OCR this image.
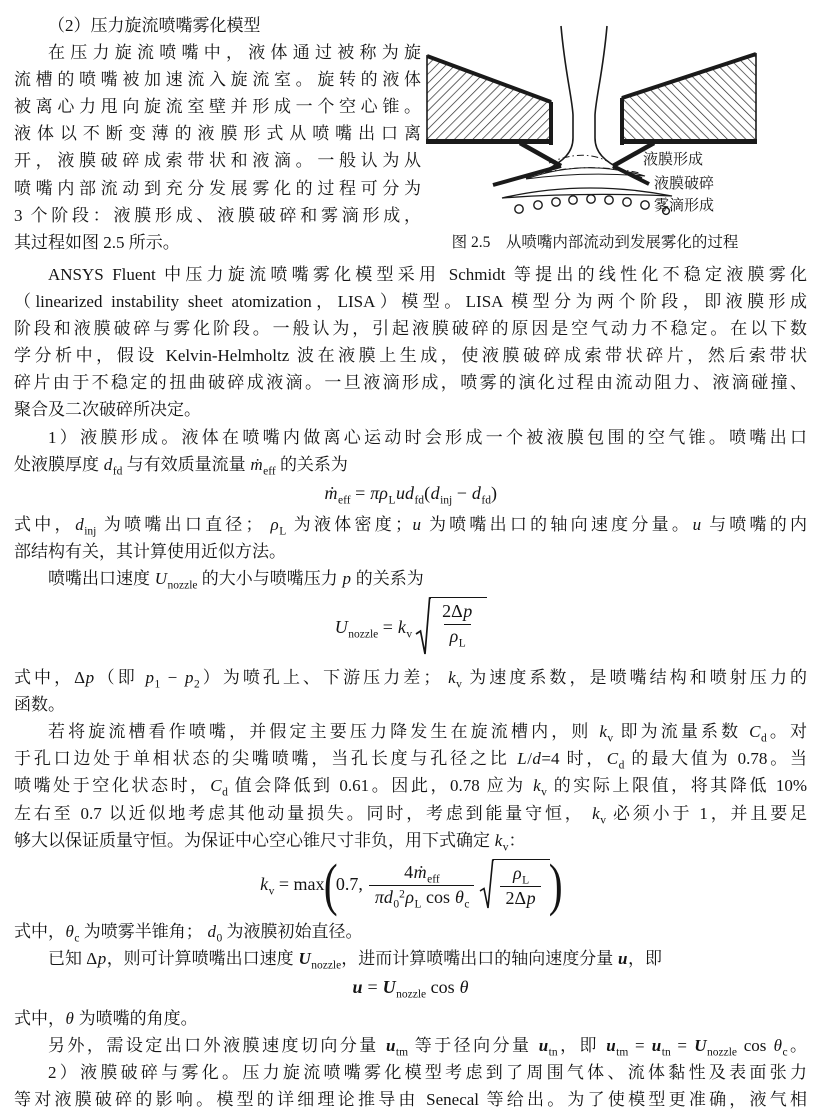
（2）压力旋流喷嘴雾化模型
在压力旋流喷嘴中，液体通过被称为旋
流槽的喷嘴被加速流入旋流室。旋转的液体
被离心力甩向旋流室壁并形成一个空心锥。
液体以不断变薄的液膜形式从喷嘴出口离
开，液膜破碎成索带状和液滴。一般认为从
喷嘴内部流动到充分发展雾化的过程可分为
3 个阶段：液膜形成、液膜破碎和雾滴形成，
其过程如图 2.5 所示。
液膜形成
液膜破碎
雾滴形成
图 2.5　从喷嘴内部流动到发展雾化的过程
ANSYS Fluent 中压力旋流喷嘴雾化模型采用 Schmidt 等提出的线性化不稳定液膜雾化
（linearized instability sheet atomization，LISA）模型。LISA 模型分为两个阶段，即液膜形成
阶段和液膜破碎与雾化阶段。一般认为，引起液膜破碎的原因是空气动力不稳定。在以下数
学分析中，假设 Kelvin-Helmholtz 波在液膜上生成，使液膜破碎成索带状碎片，然后索带状
碎片由于不稳定的扭曲破碎成液滴。一旦液滴形成，喷雾的演化过程由流动阻力、液滴碰撞、
聚合及二次破碎所决定。
1）液膜形成。液体在喷嘴内做离心运动时会形成一个被液膜包围的空气锥。喷嘴出口
处液膜厚度 $d_{fd}$ 与有效质量流量 ṁ$_{eff}$ 的关系为
ṁ$_{eff}$ = $\pi\rho_Lud_{fd}(d_{inj} - d_{fd})$
式中，$d_{inj}$ 为喷嘴出口直径； $\rho_L$ 为液体密度；u 为喷嘴出口的轴向速度分量。u 与喷嘴的内
部结构有关，其计算使用近似方法。
喷嘴出口速度 $U_{nozzle}$ 的大小与喷嘴压力 p 的关系为
$U_{nozzle} = k_v \frac{2\Delta p}{\rho_L}$
式中，Δp（即 $p_1 - p_2$）为喷孔上、下游压力差； $k_v$ 为速度系数，是喷嘴结构和喷射压力的
函数。
若将旋流槽看作喷嘴，并假定主要压力降发生在旋流槽内，则 $k_v$ 即为流量系数 $C_d$。对
于孔口边处于单相状态的尖嘴喷嘴，当孔长度与孔径之比 L/d=4 时，$C_d$ 的最大值为 0.78。当
喷嘴处于空化状态时，$C_d$ 值会降低到 0.61。因此，0.78 应为 $k_v$ 的实际上限值，将其降低 10%
左右至 0.7 以近似地考虑其他动量损失。同时，考虑到能量守恒， $k_v$ 必须小于 1，并且要足
够大以保证质量守恒。为保证中心空心锥尺寸非负，用下式确定 $k_v$：
$k_v = \max$
(
0.7, $\frac{4ṁ_{eff}}{\pi d_0^2\rho_L \cos \theta_c} \frac{\rho_L}{2\Delta p}$ )
式中，$\theta_c$ 为喷雾半锥角； $d_0$ 为液膜初始直径。
已知 Δp，则可计算喷嘴出口速度 $U_{nozzle}$，进而计算喷嘴出口的轴向速度分量 u，即
$u = U_{nozzle}$ cos θ
式中，θ 为喷嘴的角度。
另外，需设定出口外液膜速度切向分量 $u_{tm}$ 等于径向分量 $u_{tn}$，即 $u_{tm} = u_{tn} = U_{nozzle}$ $\cos \theta_c$。
2）液膜破碎与雾化。压力旋流喷嘴雾化模型考虑到了周围气体、流体黏性及表面张力
等对液膜破碎的影响。模型的详细理论推导由 Senecal 等给出。为了使模型更准确，液气相
